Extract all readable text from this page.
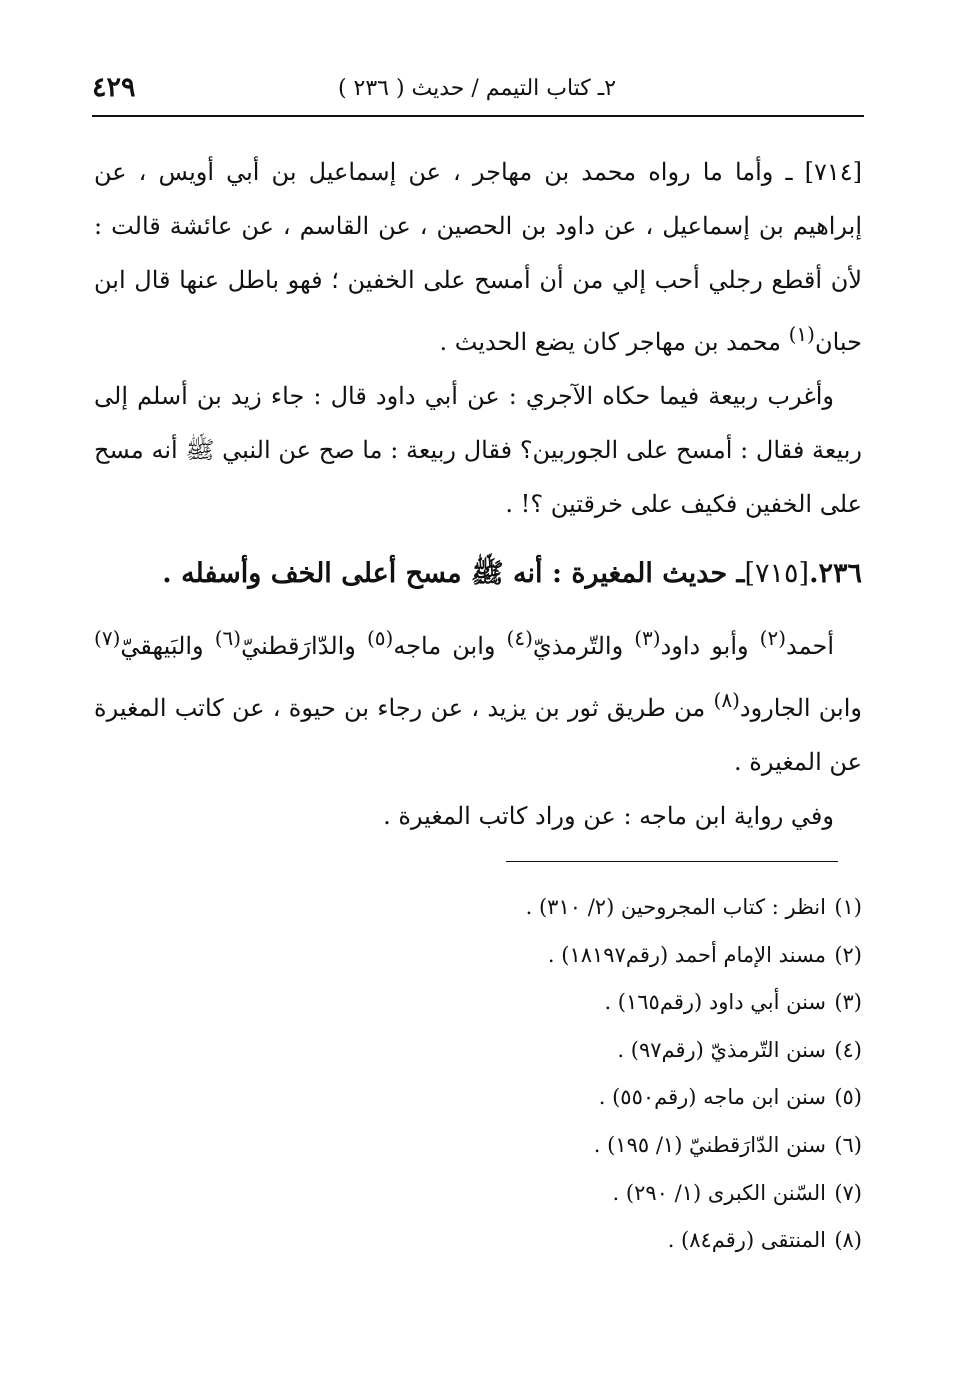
٢ـ كتاب التيمم / حديث ( ٢٣٦ )
٤٢٩

[٧١٤] ـ وأما ما رواه محمد بن مهاجر ، عن إسماعيل بن أبي أويس ، عن إبراهيم بن إسماعيل ، عن داود بن الحصين ، عن القاسم ، عن عائشة قالت : لأن أقطع رجلي أحب إلي من أن أمسح على الخفين ؛ فهو باطل عنها قال ابن حبان$^{(١)}$ محمد بن مهاجر كان يضع الحديث .

وأغرب ربيعة فيما حكاه الآجري : عن أبي داود قال : جاء زيد بن أسلم إلى ربيعة فقال : أمسح على الجوربين؟ فقال ربيعة : ما صح عن النبي ﷺ أنه مسح على الخفين فكيف على خرقتين ؟! .

٢٣٦.[٧١٥]ـ حديث المغيرة : أنه ﷺ مسح أعلى الخف وأسفله .

أحمد$^{(٢)}$ وأبو داود$^{(٣)}$ والتّرمذيّ$^{(٤)}$ وابن ماجه$^{(٥)}$ والدّارَقطنيّ$^{(٦)}$ والبَيهقيّ$^{(٧)}$ وابن الجارود$^{(٨)}$ من طريق ثور بن يزيد ، عن رجاء بن حيوة ، عن كاتب المغيرة عن المغيرة .

وفي رواية ابن ماجه : عن وراد كاتب المغيرة .

(١)انظر : كتاب المجروحين (٢/ ٣١٠) .
(٢)مسند الإمام أحمد (رقم١٨١٩٧) .
(٣)سنن أبي داود (رقم١٦٥) .
(٤)سنن التّرمذيّ (رقم٩٧) .
(٥)سنن ابن ماجه (رقم٥٥٠) .
(٦)سنن الدّارَقطنيّ (١/ ١٩٥) .
(٧)السّنن الكبرى (١/ ٢٩٠) .
(٨)المنتقى (رقم٨٤) .
